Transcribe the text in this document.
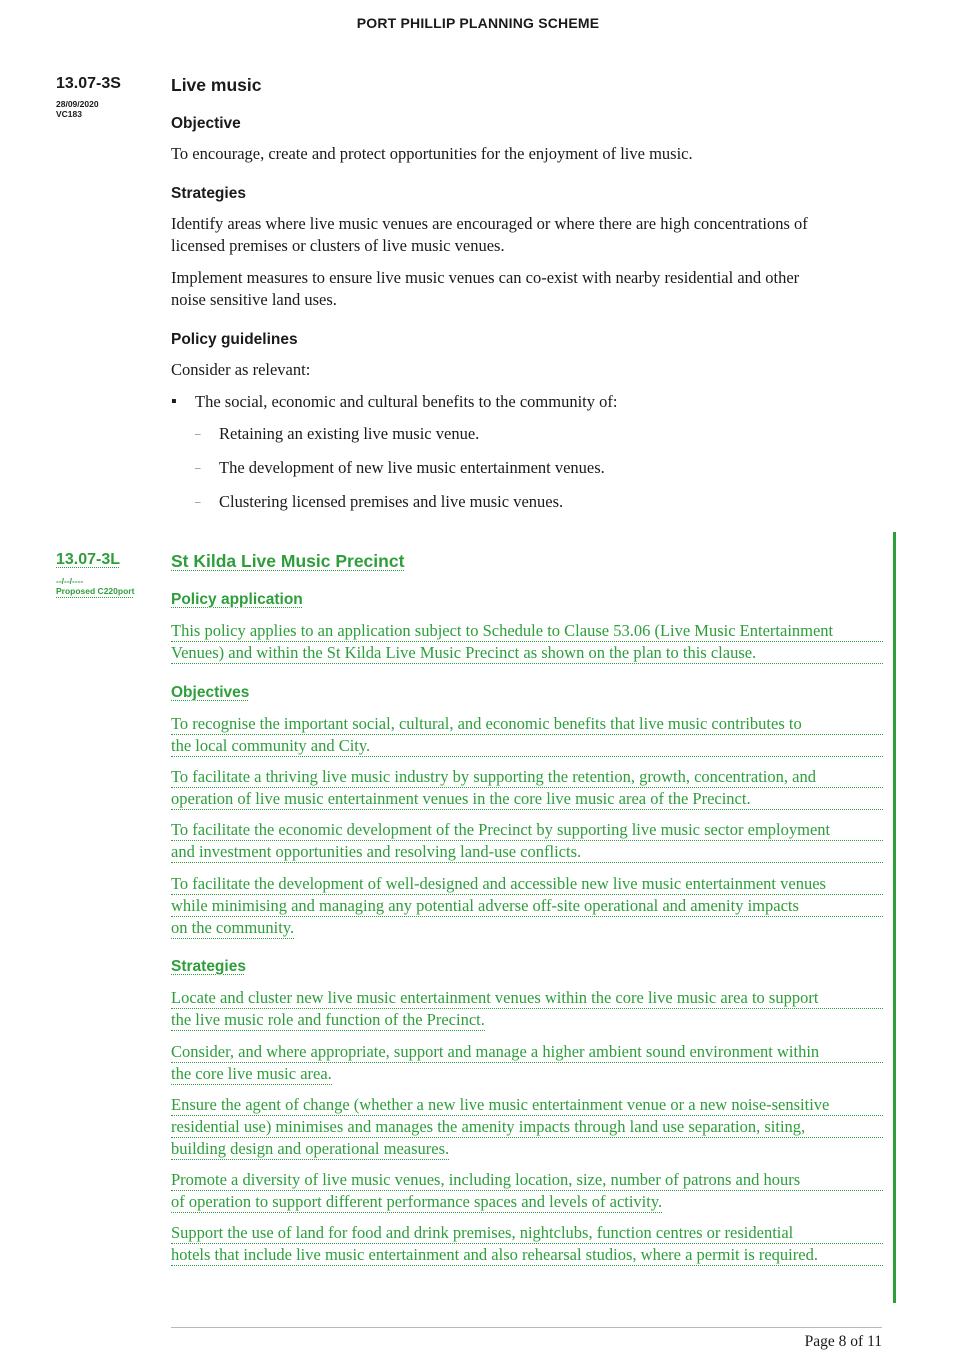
PORT PHILLIP PLANNING SCHEME
13.07-3S
28/09/2020
VC183
Live music
Objective
To encourage, create and protect opportunities for the enjoyment of live music.
Strategies
Identify areas where live music venues are encouraged or where there are high concentrations of
licensed premises or clusters of live music venues.
Implement measures to ensure live music venues can co-exist with nearby residential and other
noise sensitive land uses.
Policy guidelines
Consider as relevant:
▪ The social, economic and cultural benefits to the community of:
– Retaining an existing live music venue.
– The development of new live music entertainment venues.
– Clustering licensed premises and live music venues.
13.07-3L
--/--/----
Proposed C220port
St Kilda Live Music Precinct
Policy application
This policy applies to an application subject to Schedule to Clause 53.06 (Live Music Entertainment
Venues) and within the St Kilda Live Music Precinct as shown on the plan to this clause.
Objectives
To recognise the important social, cultural, and economic benefits that live music contributes to
the local community and City.
To facilitate a thriving live music industry by supporting the retention, growth, concentration, and
operation of live music entertainment venues in the core live music area of the Precinct.
To facilitate the economic development of the Precinct by supporting live music sector employment
and investment opportunities and resolving land-use conflicts.
To facilitate the development of well-designed and accessible new live music entertainment venues
while minimising and managing any potential adverse off-site operational and amenity impacts
on the community.
Strategies
Locate and cluster new live music entertainment venues within the core live music area to support
the live music role and function of the Precinct.
Consider, and where appropriate, support and manage a higher ambient sound environment within
the core live music area.
Ensure the agent of change (whether a new live music entertainment venue or a new noise-sensitive
residential use) minimises and manages the amenity impacts through land use separation, siting,
building design and operational measures.
Promote a diversity of live music venues, including location, size, number of patrons and hours
of operation to support different performance spaces and levels of activity.
Support the use of land for food and drink premises, nightclubs, function centres or residential
hotels that include live music entertainment and also rehearsal studios, where a permit is required.
Page 8 of 11
